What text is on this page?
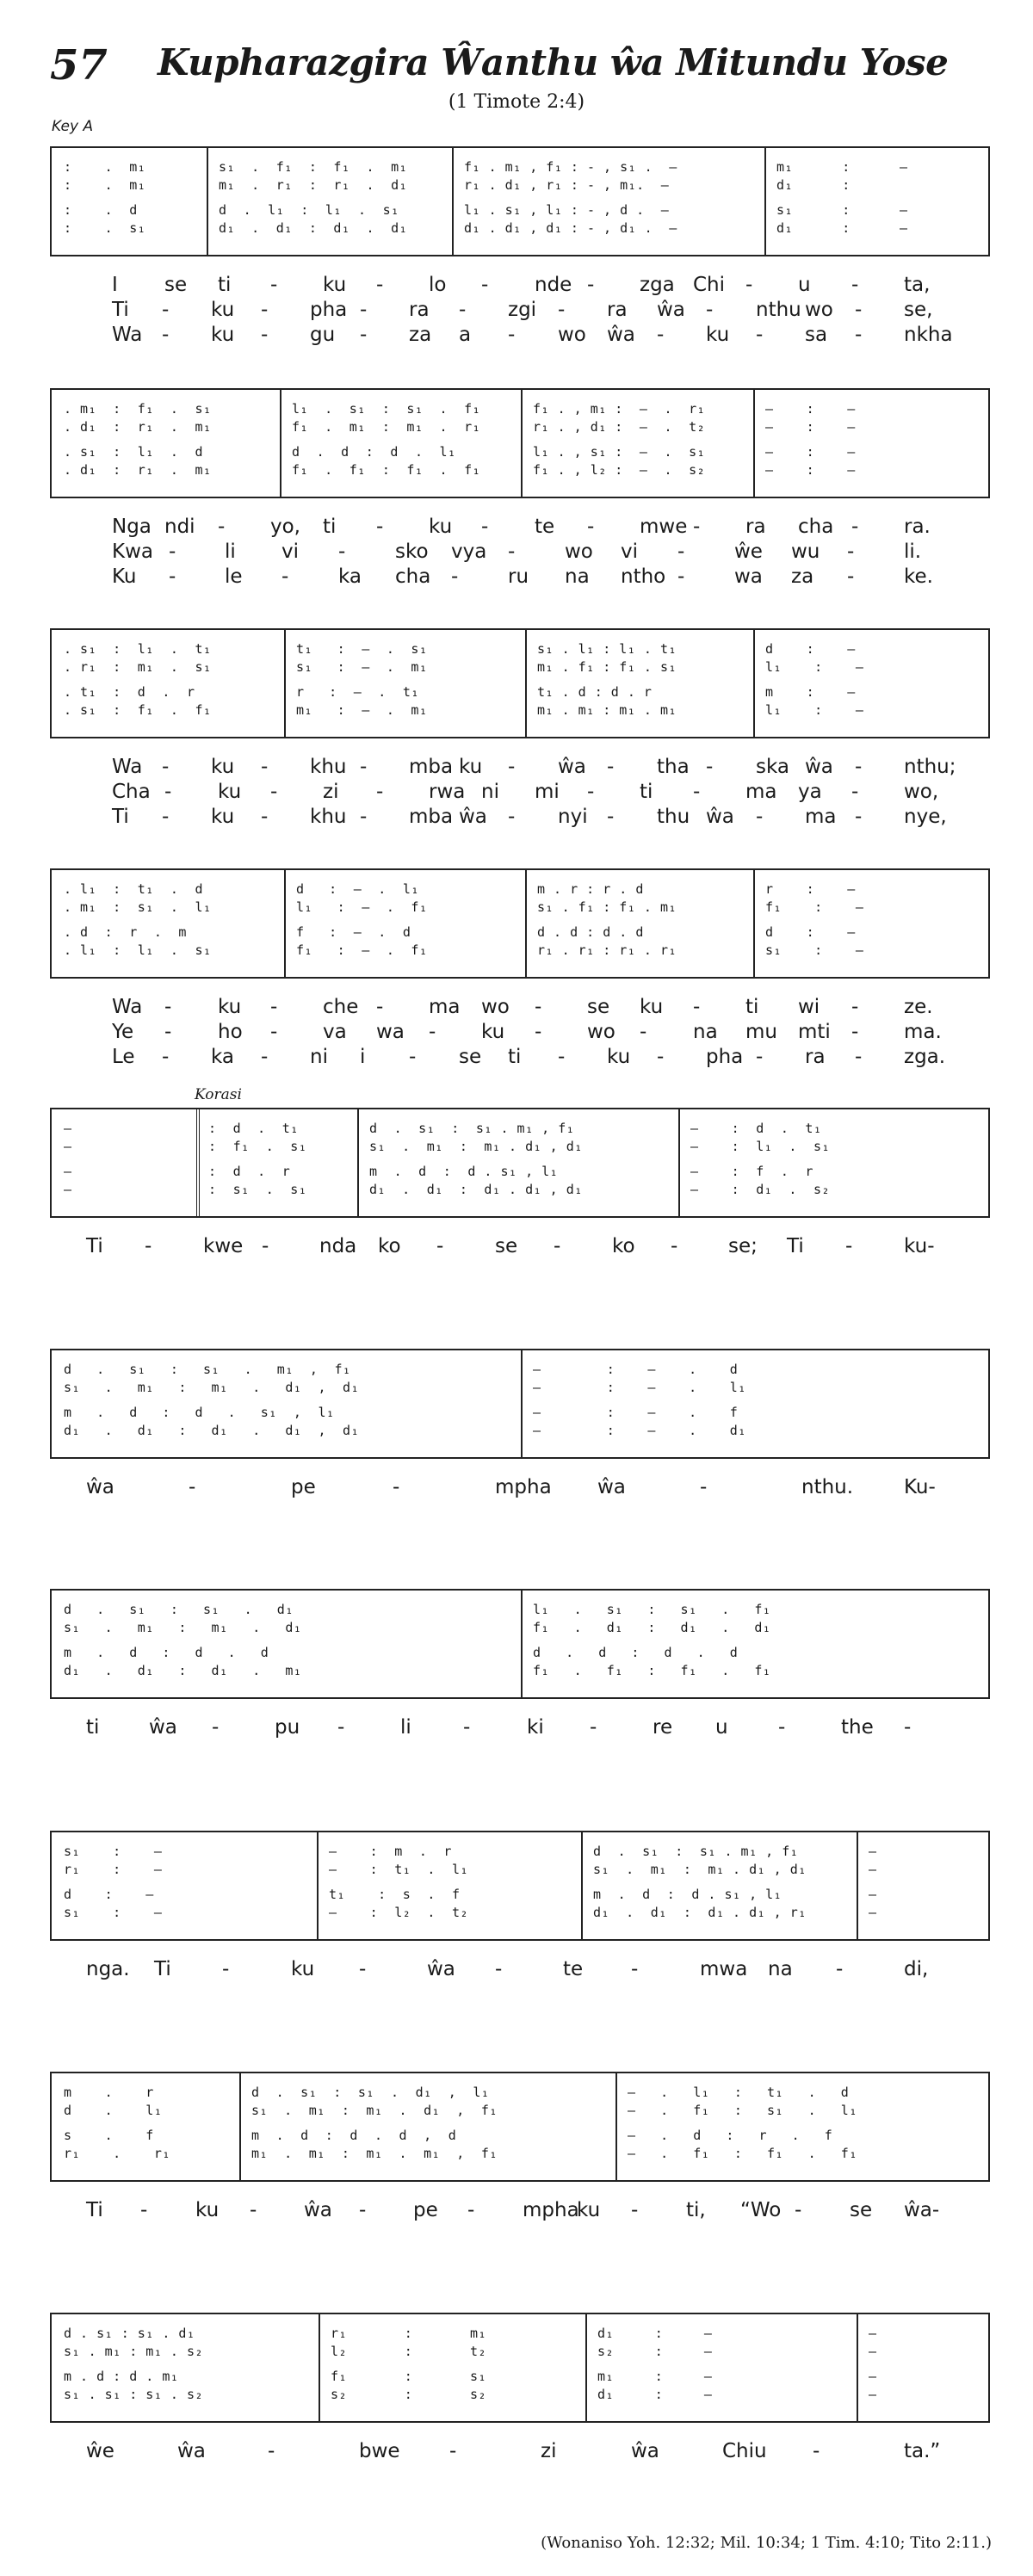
57 Kupharazgira Ŵanthu ŵa Mitundu Yose
(1 Timote 2:4)
Key A
Korasi
:    .  m₁	s₁  .  f₁  :  f₁  .  m₁	f₁ . m₁ , f₁ : - , s₁ .  –	m₁      :      —
:    .  m₁	m₁  .  r₁  :  r₁  .  d₁	r₁ . d₁ , r₁ : - , m₁.  –	d₁      :
:    .  d	d  .  l₁  :  l₁  .  s₁	l₁ . s₁ , l₁ : - , d .  –	s₁      :      —
:    .  s₁	d₁  .  d₁  :  d₁  .  d₁	d₁ . d₁ , d₁ : - , d₁ .  –	d₁      :      —
I se ti - ku - lo - nde - zga Chi - u - ta,
Ti - ku - pha - ra - zgi - ra ŵa - nthu wo - se,
Wa - ku - gu - za a - wo ŵa - ku - sa - nkha
. m₁  :  f₁  .  s₁	l₁  .  s₁  :  s₁  .  f₁	f₁ . , m₁ :  –  .  r₁	—    :    —
. d₁  :  r₁  .  m₁	f₁  .  m₁  :  m₁  .  r₁	r₁ . , d₁ :  –  .  t₂	—    :    —
. s₁  :  l₁  .  d	d  .  d  :  d  .  l₁	l₁ . , s₁ :  –  .  s₁	—    :    —
. d₁  :  r₁  .  m₁	f₁  .  f₁  :  f₁  .  f₁	f₁ . , l₂ :  –  .  s₂	—    :    —
Nga ndi - yo, ti - ku - te - mwe - ra cha - ra.
Kwa - li vi -	sko vya -	wo vi -	ŵe wu -	li.
Ku - le -	ka cha -	ru na ntho -	wa za -	ke.
. s₁  :  l₁  .  t₁	t₁   :  –  .  s₁	s₁ . l₁ : l₁ . t₁	d    :    —
. r₁  :  m₁  .  s₁	s₁   :  –  .  m₁	m₁ . f₁ : f₁ . s₁	l₁    :    —
. t₁  :  d  .  r	r   :  –  .  t₁	t₁ . d : d . r	m    :    —
. s₁  :  f₁  .  f₁	m₁   :  –  .  m₁	m₁ . m₁ : m₁ . m₁	l₁    :    —
Wa - ku - khu - mba ku - ŵa - tha - ska ŵa - nthu;
Cha - ku - zi - rwa ni mi - ti - ma ya - wo,
Ti - ku - khu - mba ŵa - nyi - thu ŵa - ma - nye,
. l₁  :  t₁  .  d	d   :  –  .  l₁	m . r : r . d	r    :    —
. m₁  :  s₁  .  l₁	l₁   :  –  .  f₁	s₁ . f₁ : f₁ . m₁	f₁    :    —
. d  :  r  .  m	f   :  –  .  d	d . d : d . d	d    :    —
. l₁  :  l₁  .  s₁	f₁   :  –  .  f₁	r₁ . r₁ : r₁ . r₁	s₁    :    —
Wa - ku - che - ma wo - se ku - ti wi - ze.
Ye - ho - va wa - ku - wo - na mu mti - ma.
Le - ka - ni i - se ti - ku - pha - ra - zga.
—	:  d  .  t₁	d  .  s₁  :  s₁ . m₁ , f₁	—    :  d  .  t₁
—	:  f₁  .  s₁	s₁  .  m₁  :  m₁ . d₁ , d₁	—    :  l₁  .  s₁
—	:  d  .  r	m  .  d  :  d . s₁ , l₁	—    :  f  .  r
—	:  s₁  .  s₁	d₁  .  d₁  :  d₁ . d₁ , d₁	—    :  d₁  .  s₂
Ti -	kwe -	nda ko -	se -	ko -	se; Ti -	ku-
d   .   s₁   :   s₁   .   m₁  ,  f₁	—        :    –    .    d
s₁   .   m₁   :   m₁   .   d₁  ,  d₁	—        :    –    .    l₁
m   .   d   :   d   .   s₁  ,  l₁	—        :    –    .    f
d₁   .   d₁   :   d₁   .   d₁  ,  d₁	—        :    –    .    d₁
ŵa	-	pe	-	mpha ŵa	-	nthu.	Ku-
d   .   s₁   :   s₁   .   d₁	l₁   .   s₁   :   s₁   .   f₁
s₁   .   m₁   :   m₁   .   d₁	f₁   .   d₁   :   d₁   .   d₁
m   .   d   :   d   .   d	d   .   d   :   d   .   d
d₁   .   d₁   :   d₁   .   m₁	f₁   .   f₁   :   f₁   .   f₁
ti	ŵa -	pu -	li	-	ki -	re u	-	the -
s₁    :    —	—    :  m  .  r	d  .  s₁  :  s₁ . m₁ , f₁	—
r₁    :    —	—    :  t₁  .  l₁	s₁  .  m₁  :  m₁ . d₁ , d₁	—
d    :    —	t₁    :  s  .  f	m  .  d  :  d . s₁ , l₁	—
s₁    :    —	—    :  l₂  .  t₂	d₁  .  d₁  :  d₁ . d₁ , r₁	—
nga. Ti	-	ku -	ŵa -	te -	mwa na -	di,
m    .    r	d  .  s₁  :  s₁  .  d₁  ,  l₁	–   .   l₁   :   t₁   .   d
d    .    l₁	s₁  .  m₁  :  m₁  .  d₁  ,  f₁	–   .   f₁   :   s₁   .   l₁
s    .    f	m  .  d  :  d  .  d  ,  d	–   .   d   :   r   .   f
r₁    .    r₁	m₁  .  m₁  :  m₁  .  m₁  ,  f₁	–   .   f₁   :   f₁   .   f₁
Ti - ku - ŵa - pe - mpha
ku - ti, “Wo - se ŵa-
d . s₁ : s₁ . d₁	r₁       :       m₁	d₁     :     —	—
s₁ . m₁ : m₁ . s₂	l₂       :       t₂	s₂     :     —	—
m . d : d . m₁	f₁       :       s₁	m₁     :     —	—
s₁ . s₁ : s₁ . s₂	s₂       :       s₂	d₁     :     —	—
ŵe	ŵa	-	bwe -	zi	ŵa	Chiu -	ta.”
(Wonaniso Yoh. 12:32; Mil. 10:34; 1 Tim. 4:10; Tito 2:11.)
